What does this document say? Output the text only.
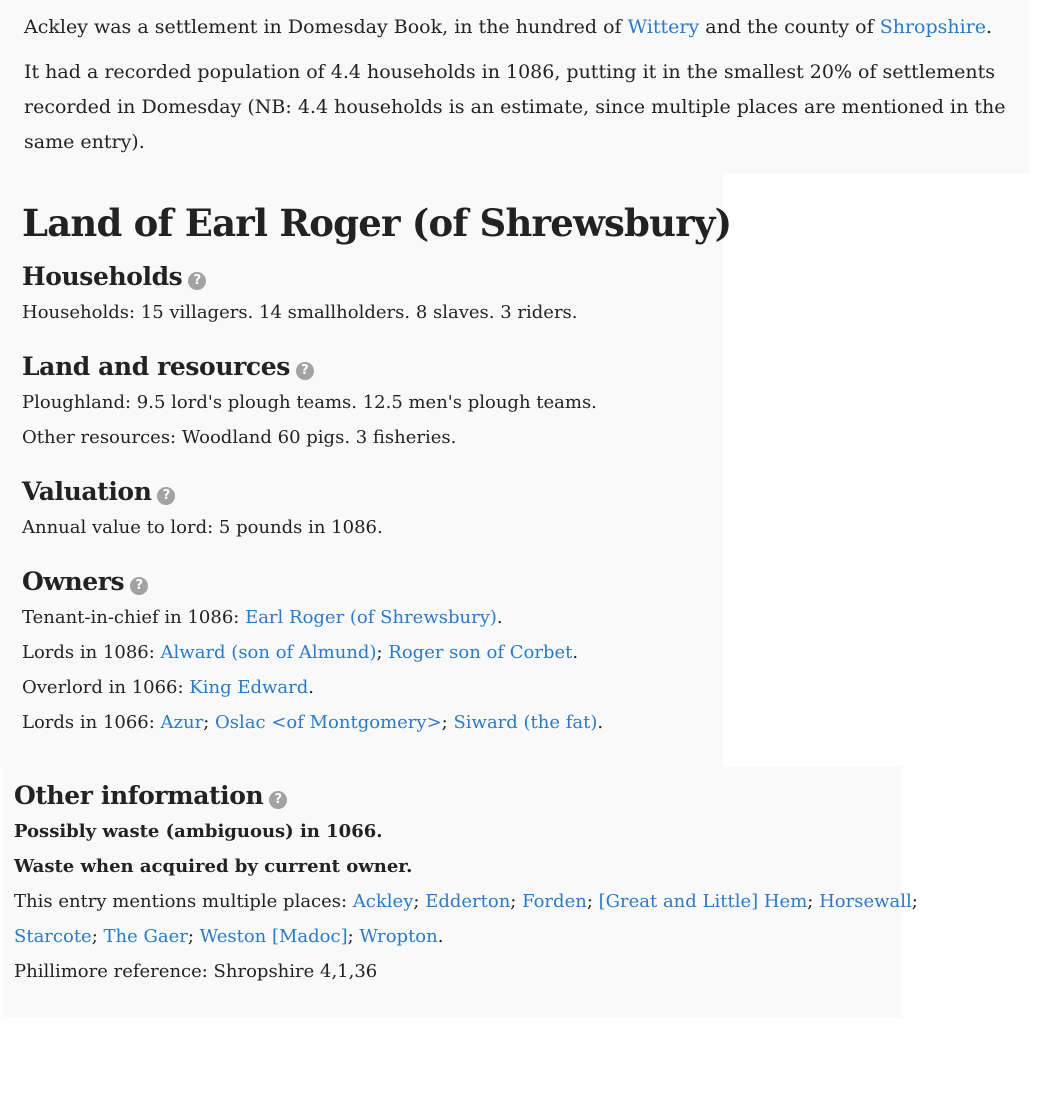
Ackley was a settlement in Domesday Book, in the hundred of Wittery and the county of Shropshire.

It had a recorded population of 4.4 households in 1086, putting it in the smallest 20% of settlements recorded in Domesday (NB: 4.4 households is an estimate, since multiple places are mentioned in the same entry).

Land of Earl Roger (of Shrewsbury)
Households ?
Households: 15 villagers. 14 smallholders. 8 slaves. 3 riders.
Land and resources ?
Ploughland: 9.5 lord's plough teams. 12.5 men's plough teams.
Other resources: Woodland 60 pigs. 3 fisheries.
Valuation ?
Annual value to lord: 5 pounds in 1086.
Owners ?
Tenant-in-chief in 1086: Earl Roger (of Shrewsbury).
Lords in 1086: Alward (son of Almund); Roger son of Corbet.
Overlord in 1066: King Edward.
Lords in 1066: Azur; Oslac <of Montgomery>; Siward (the fat).
Other information ?
Possibly waste (ambiguous) in 1066.
Waste when acquired by current owner.
This entry mentions multiple places: Ackley; Edderton; Forden; [Great and Little] Hem; Horsewall;
Starcote; The Gaer; Weston [Madoc]; Wropton.
Phillimore reference: Shropshire 4,1,36
